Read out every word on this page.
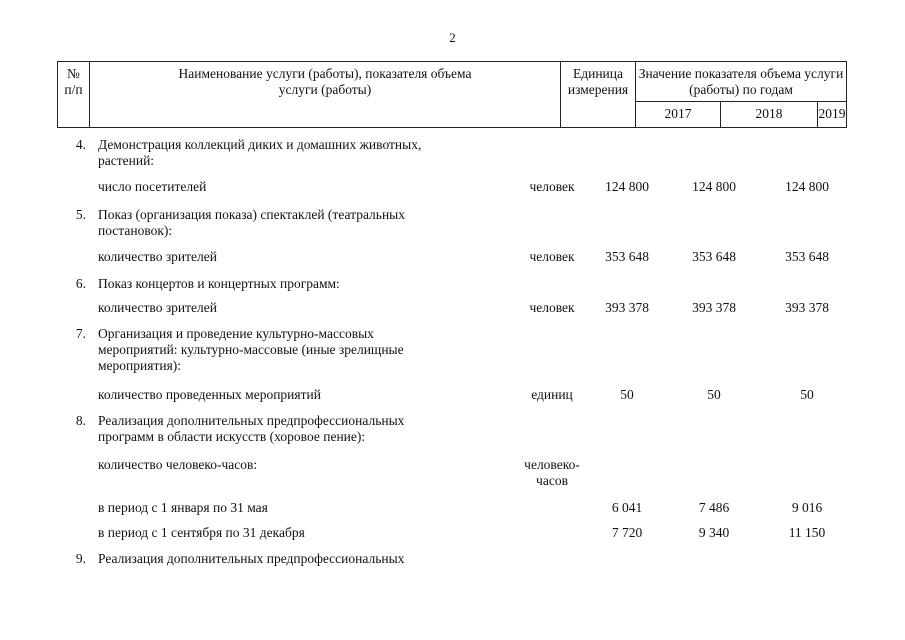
2
№
п/п
Наименование услуги (работы), показателя объема
услуги (работы)
Единица
измерения
Значение показателя объема услуги
(работы) по годам
2017	2018	2019
4. Демонстрация коллекций диких и домашних животных,
растений:
число посетителей	человек	124 800	124 800	124 800
5. Показ (организация показа) спектаклей (театральных
постановок):
количество зрителей	человек	353 648	353 648	353 648
6. Показ концертов и концертных программ:
количество зрителей	человек	393 378	393 378	393 378
7. Организация и проведение культурно-массовых
мероприятий: культурно-массовые (иные зрелищные
мероприятия):
количество проведенных мероприятий	единиц	50	50	50
8. Реализация дополнительных предпрофессиональных
программ в области искусств (хоровое пение):
количество человеко-часов:	человеко-
часов
в период с 1 января по 31 мая	6 041	7 486	9 016
в период с 1 сентября по 31 декабря	7 720	9 340	11 150
9. Реализация дополнительных предпрофессиональных
